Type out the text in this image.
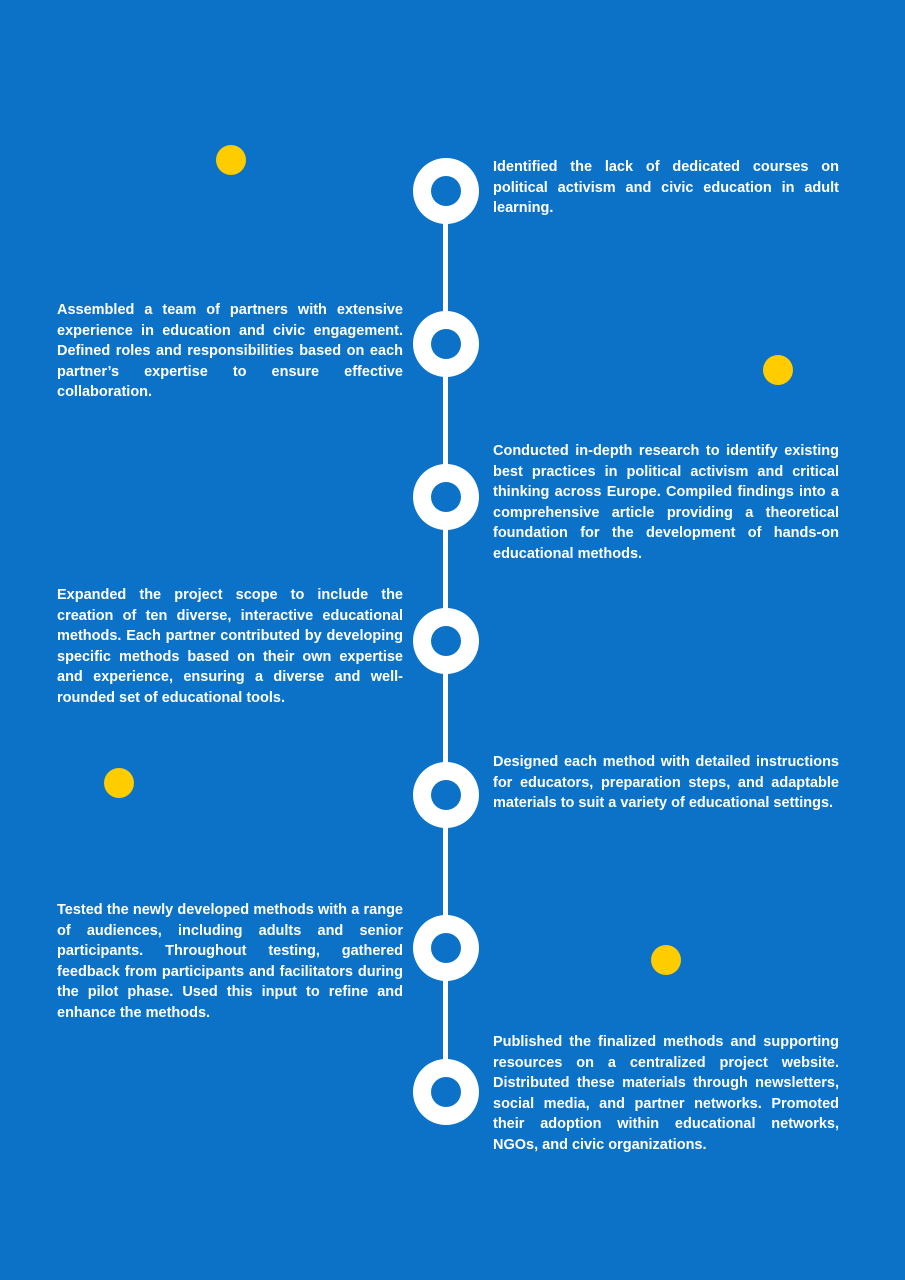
Identified the lack of dedicated courses on political activism and civic education in adult learning.

Assembled a team of partners with extensive experience in education and civic engagement. Defined roles and responsibilities based on each partner’s expertise to ensure effective collaboration.

Conducted in-depth research to identify existing best practices in political activism and critical thinking across Europe. Compiled findings into a comprehensive article providing a theoretical foundation for the development of hands-on educational methods.

Expanded the project scope to include the creation of ten diverse, interactive educational methods. Each partner contributed by developing specific methods based on their own expertise and experience, ensuring a diverse and well-rounded set of educational tools.

Designed each method with detailed instructions for educators, preparation steps, and adaptable materials to suit a variety of educational settings.

Tested the newly developed methods with a range of audiences, including adults and senior participants. Throughout testing, gathered feedback from participants and facilitators during the pilot phase. Used this input to refine and enhance the methods.

Published the finalized methods and supporting resources on a centralized project website. Distributed these materials through newsletters, social media, and partner networks. Promoted their adoption within educational networks, NGOs, and civic organizations.
